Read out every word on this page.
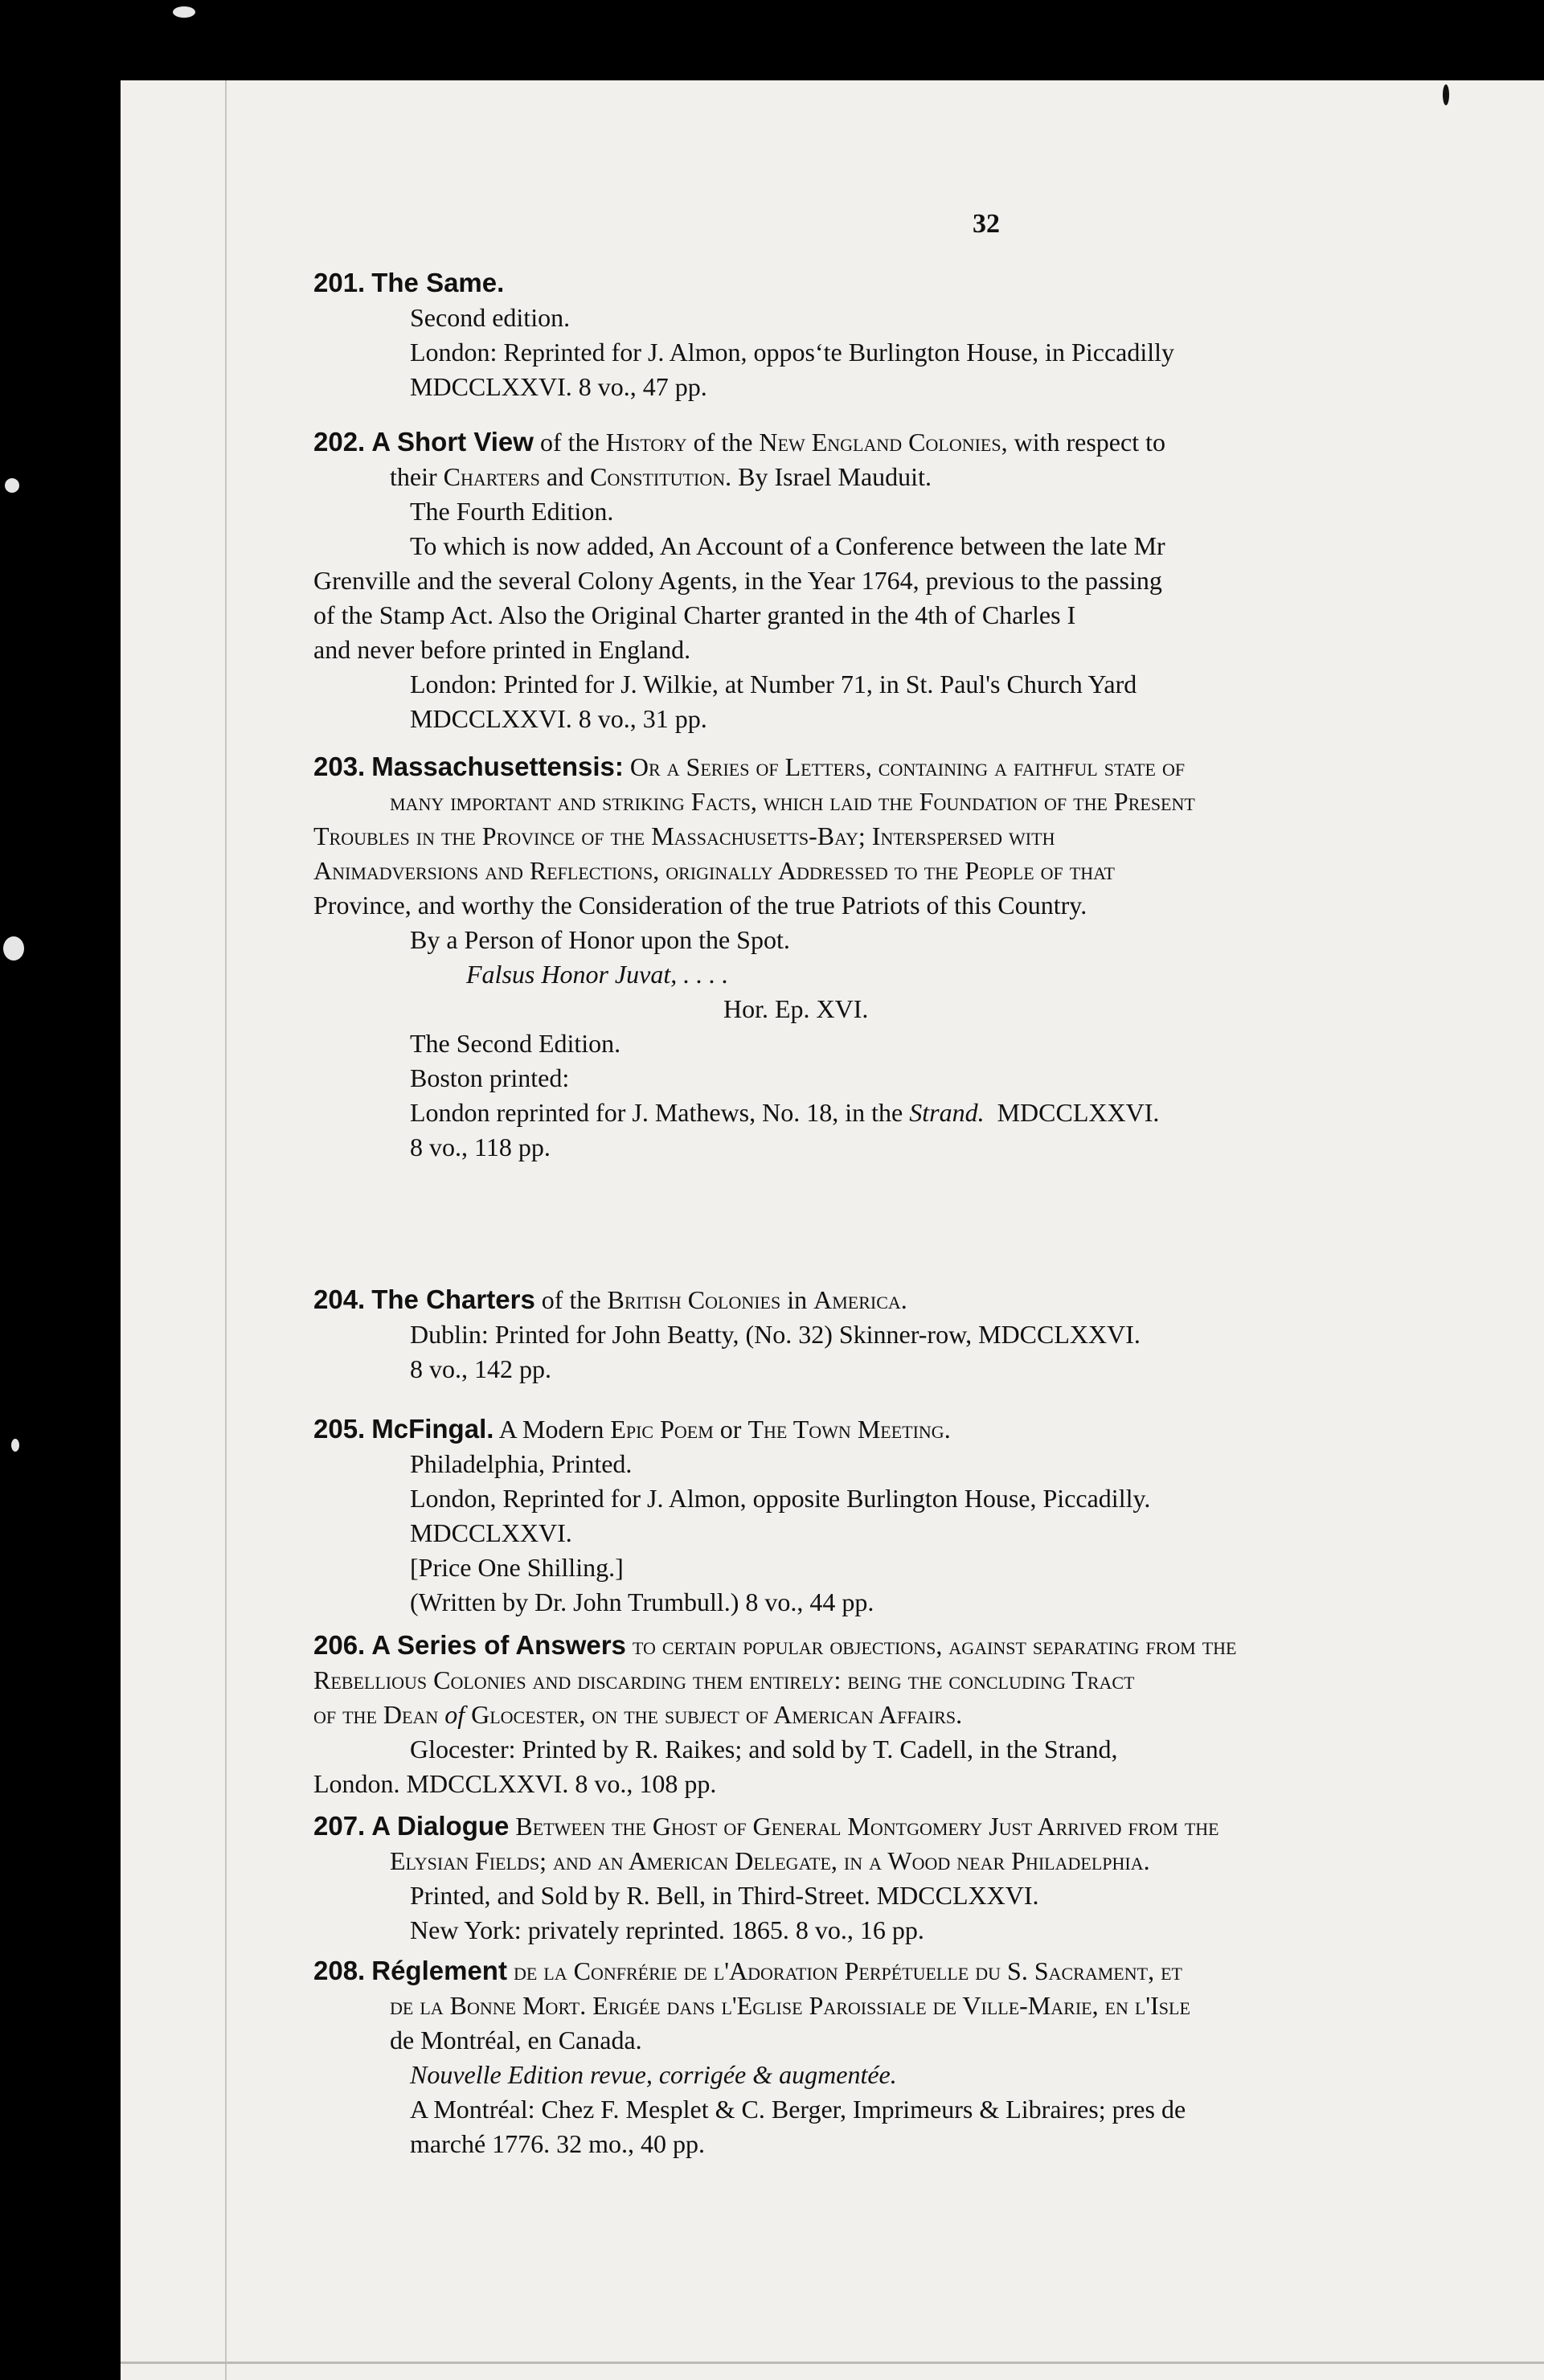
32
201. The Same.
Second edition.
London: Reprinted for J. Almon, oppos‘te Burlington House, in Piccadilly
MDCCLXXVI. 8 vo., 47 pp.
202. A Short View of the History of the New England Colonies, with respect to
their Charters and Constitution. By Israel Mauduit.
The Fourth Edition.
To which is now added, An Account of a Conference between the late Mr
Grenville and the several Colony Agents, in the Year 1764, previous to the passing
of the Stamp Act. Also the Original Charter granted in the 4th of Charles I
and never before printed in England.
London: Printed for J. Wilkie, at Number 71, in St. Paul's Church Yard
MDCCLXXVI. 8 vo., 31 pp.
203. Massachusettensis: Or a Series of Letters, containing a faithful state of
many important and striking Facts, which laid the Foundation of the Present
Troubles in the Province of the Massachusetts-Bay; Interspersed with
Animadversions and Reflections, originally Addressed to the People of that
Province, and worthy the Consideration of the true Patriots of this Country.
By a Person of Honor upon the Spot.
Falsus Honor Juvat, . . . .
Hor. Ep. XVI.
The Second Edition.
Boston printed:
London reprinted for J. Mathews, No. 18, in the Strand. MDCCLXXVI.
8 vo., 118 pp.
204. The Charters of the British Colonies in America.
Dublin: Printed for John Beatty, (No. 32) Skinner-row, MDCCLXXVI.
8 vo., 142 pp.
205. McFingal. A Modern Epic Poem or The Town Meeting.
Philadelphia, Printed.
London, Reprinted for J. Almon, opposite Burlington House, Piccadilly.
MDCCLXXVI.
[Price One Shilling.]
(Written by Dr. John Trumbull.) 8 vo., 44 pp.
206. A Series of Answers to certain popular objections, against separating from the
Rebellious Colonies and discarding them entirely: being the concluding Tract
of the Dean of Glocester, on the subject of American Affairs.
Glocester: Printed by R. Raikes; and sold by T. Cadell, in the Strand,
London. MDCCLXXVI. 8 vo., 108 pp.
207. A Dialogue Between the Ghost of General Montgomery Just Arrived from the
Elysian Fields; and an American Delegate, in a Wood near Philadelphia.
Printed, and Sold by R. Bell, in Third-Street. MDCCLXXVI.
New York: privately reprinted. 1865. 8 vo., 16 pp.
208. Réglement de la Confrérie de l'Adoration Perpétuelle du S. Sacrament, et
de la Bonne Mort. Erigée dans l'Eglise Paroissiale de Ville-Marie, en l'Isle
de Montréal, en Canada.
Nouvelle Edition revue, corrigée & augmentée.
A Montréal: Chez F. Mesplet & C. Berger, Imprimeurs & Libraires; pres de
marché 1776. 32 mo., 40 pp.
